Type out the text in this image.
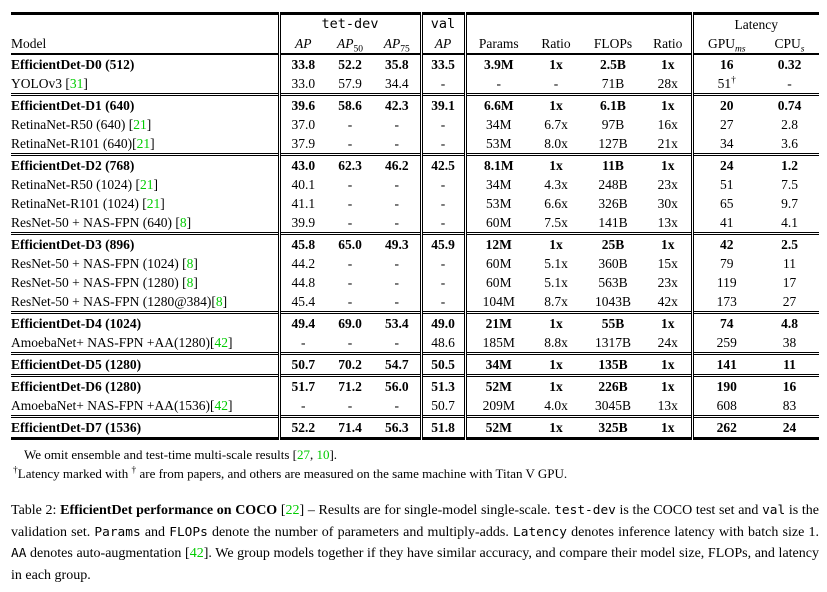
Model	tet-dev			val					Latency	
	AP	$AP_{50}$	$AP_{75}$	AP	Params	Ratio	FLOPs	Ratio	$GPU_{ms}$	$CPU_s$
EfficientDet-D0 (512)	33.8	52.2	35.8	33.5	3.9M	1x	2.5B	1x	16	0.32
YOLOv3 [31]	33.0	57.9	34.4	-	-	-	71B	28x	51†	-
EfficientDet-D1 (640)	39.6	58.6	42.3	39.1	6.6M	1x	6.1B	1x	20	0.74
RetinaNet-R50 (640) [21]	37.0	-	-	-	34M	6.7x	97B	16x	27	2.8
RetinaNet-R101 (640)[21]	37.9	-	-	-	53M	8.0x	127B	21x	34	3.6
EfficientDet-D2 (768)	43.0	62.3	46.2	42.5	8.1M	1x	11B	1x	24	1.2
RetinaNet-R50 (1024) [21]	40.1	-	-	-	34M	4.3x	248B	23x	51	7.5
RetinaNet-R101 (1024) [21]	41.1	-	-	-	53M	6.6x	326B	30x	65	9.7
ResNet-50 + NAS-FPN (640) [8]	39.9	-	-	-	60M	7.5x	141B	13x	41	4.1
EfficientDet-D3 (896)	45.8	65.0	49.3	45.9	12M	1x	25B	1x	42	2.5
ResNet-50 + NAS-FPN (1024) [8]	44.2	-	-	-	60M	5.1x	360B	15x	79	11
ResNet-50 + NAS-FPN (1280) [8]	44.8	-	-	-	60M	5.1x	563B	23x	119	17
ResNet-50 + NAS-FPN (1280@384)[8]	45.4	-	-	-	104M	8.7x	1043B	42x	173	27
EfficientDet-D4 (1024)	49.4	69.0	53.4	49.0	21M	1x	55B	1x	74	4.8
AmoebaNet+ NAS-FPN +AA(1280)[42]	-	-	-	48.6	185M	8.8x	1317B	24x	259	38
EfficientDet-D5 (1280)	50.7	70.2	54.7	50.5	34M	1x	135B	1x	141	11
EfficientDet-D6 (1280)	51.7	71.2	56.0	51.3	52M	1x	226B	1x	190	16
AmoebaNet+ NAS-FPN +AA(1536)[42]	-	-	-	50.7	209M	4.0x	3045B	13x	608	83
EfficientDet-D7 (1536)	52.2	71.4	56.3	51.8	52M	1x	325B	1x	262	24
We omit ensemble and test-time multi-scale results [27, 10].
†Latency marked with † are from papers, and others are measured on the same machine with Titan V GPU.
Table 2: EfficientDet performance on COCO [22] – Results are for single-model single-scale. test-dev is the COCO test set and val is the validation set. Params and FLOPs denote the number of parameters and multiply-adds. Latency denotes inference latency with batch size 1. AA denotes auto-augmentation [42]. We group models together if they have similar accuracy, and compare their model size, FLOPs, and latency in each group.
